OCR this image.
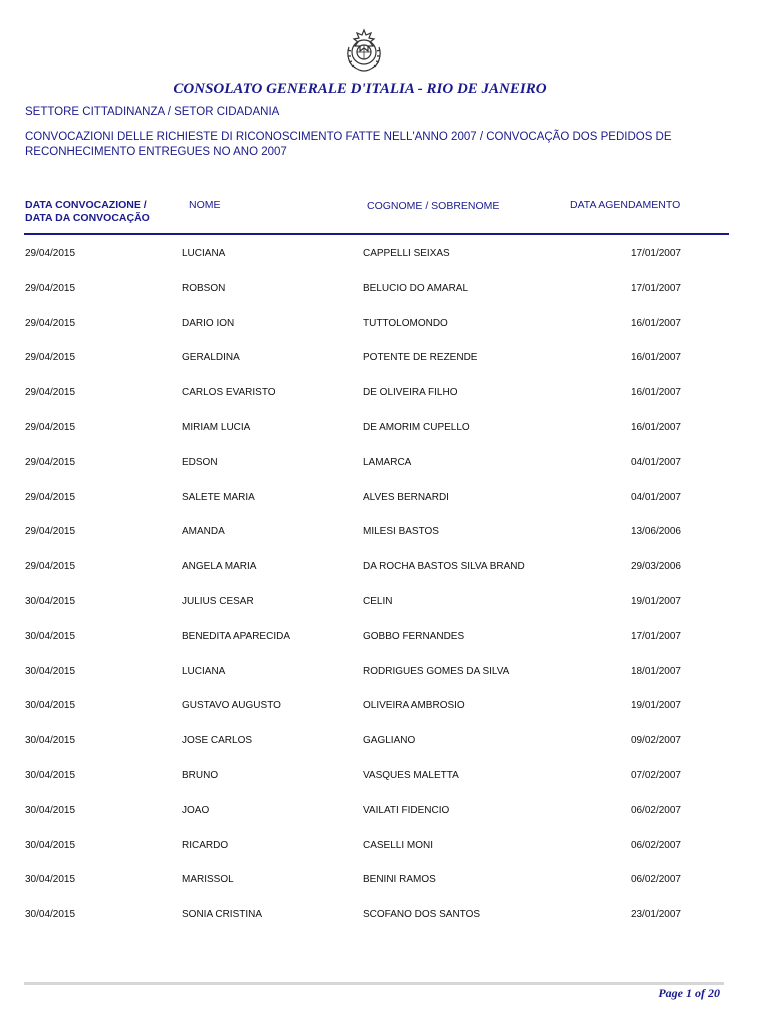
CONSOLATO GENERALE D'ITALIA - RIO DE JANEIRO
SETTORE CITTADINANZA / SETOR CIDADANIA
CONVOCAZIONI DELLE RICHIESTE DI RICONOSCIMENTO FATTE NELL'ANNO 2007 / CONVOCAÇÃO DOS PEDIDOS DE RECONHECIMENTO ENTREGUES NO ANO 2007
DATA CONVOCAZIONE /
DATA DA CONVOCAÇÃO
NOME	COGNOME / SOBRENOME	DATA AGENDAMENTO
29/04/2015	LUCIANA	CAPPELLI SEIXAS	17/01/2007
29/04/2015	ROBSON	BELUCIO DO AMARAL	17/01/2007
29/04/2015	DARIO ION	TUTTOLOMONDO	16/01/2007
29/04/2015	GERALDINA	POTENTE DE REZENDE	16/01/2007
29/04/2015	CARLOS EVARISTO	DE OLIVEIRA FILHO	16/01/2007
29/04/2015	MIRIAM LUCIA	DE AMORIM CUPELLO	16/01/2007
29/04/2015	EDSON	LAMARCA	04/01/2007
29/04/2015	SALETE MARIA	ALVES BERNARDI	04/01/2007
29/04/2015	AMANDA	MILESI BASTOS	13/06/2006
29/04/2015	ANGELA MARIA	DA ROCHA BASTOS SILVA BRAND	29/03/2006
30/04/2015	JULIUS CESAR	CELIN	19/01/2007
30/04/2015	BENEDITA APARECIDA	GOBBO FERNANDES	17/01/2007
30/04/2015	LUCIANA	RODRIGUES GOMES DA SILVA	18/01/2007
30/04/2015	GUSTAVO AUGUSTO	OLIVEIRA AMBROSIO	19/01/2007
30/04/2015	JOSE CARLOS	GAGLIANO	09/02/2007
30/04/2015	BRUNO	VASQUES MALETTA	07/02/2007
30/04/2015	JOAO	VAILATI FIDENCIO	06/02/2007
30/04/2015	RICARDO	CASELLI MONI	06/02/2007
30/04/2015	MARISSOL	BENINI RAMOS	06/02/2007
30/04/2015	SONIA CRISTINA	SCOFANO DOS SANTOS	23/01/2007
Page 1 of 20
